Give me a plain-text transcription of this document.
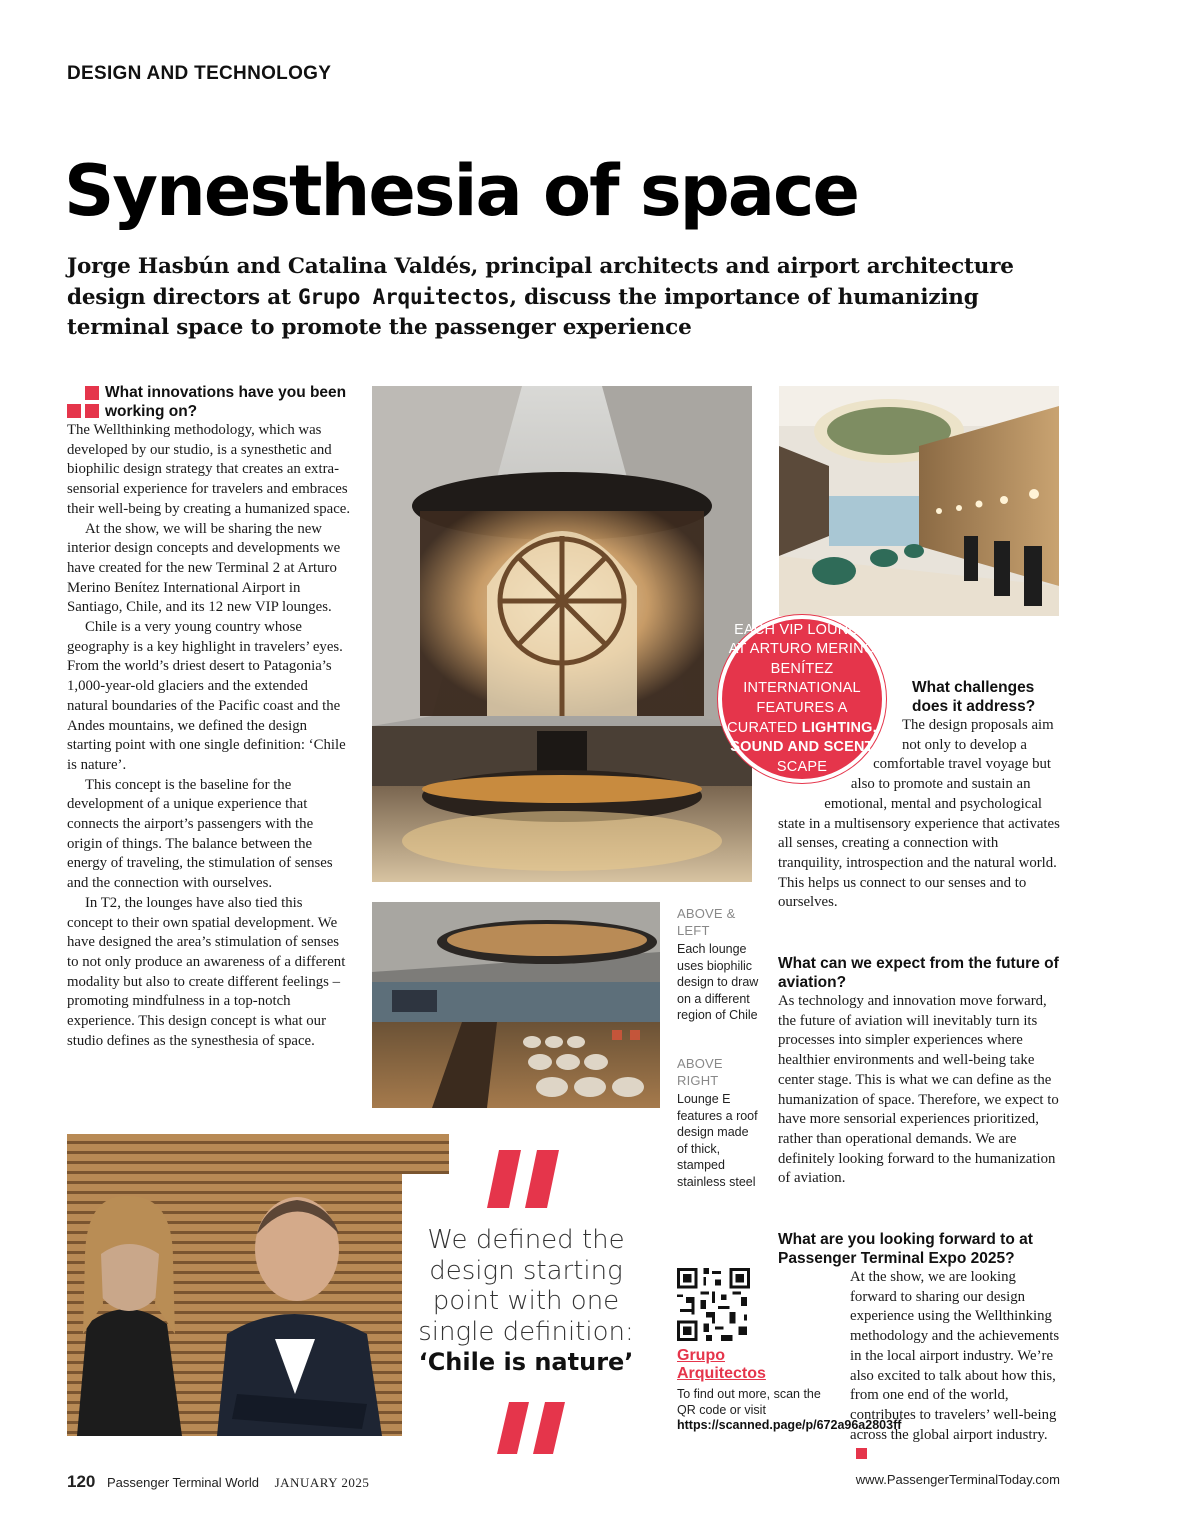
DESIGN AND TECHNOLOGY
Synesthesia of space
Jorge Hasbún and Catalina Valdés, principal architects and airport architecture design directors at Grupo Arquitectos, discuss the importance of humanizing terminal space to promote the passenger experience
What innovations have you been working on?

The Wellthinking methodology, which was developed by our studio, is a synesthetic and biophilic design strategy that creates an extra-sensorial experience for travelers and embraces their well-being by creating a humanized space.

At the show, we will be sharing the new interior design concepts and developments we have created for the new Terminal 2 at Arturo Merino Benítez International Airport in Santiago, Chile, and its 12 new VIP lounges.

Chile is a very young country whose geography is a key highlight in travelers’ eyes. From the world’s driest desert to Patagonia’s 1,000-year-old glaciers and the extended natural boundaries of the Pacific coast and the Andes mountains, we defined the design starting point with one single definition: ‘Chile is nature’.

This concept is the baseline for the development of a unique experience that connects the airport’s passengers with the origin of things. The balance between the energy of traveling, the stimulation of senses and the connection with ourselves.

In T2, the lounges have also tied this concept to their own spatial development. We have designed the area’s stimulation of senses to not only produce an awareness of a different modality but also to create different feelings – promoting mindfulness in a top-notch experience. This design concept is what our studio defines as the synesthesia of space.

ABOVE & LEFT
Each lounge uses biophilic design to draw on a different region of Chile
ABOVE RIGHT
Lounge E features a roof design made of thick, stamped stainless steel
EACH VIP LOUNGE AT ARTURO MERINO BENÍTEZ INTERNATIONAL FEATURES A CURATED LIGHTING, SOUND AND SCENT SCAPE
What challenges does it address?

The design proposals aim not only to develop a comfortable travel voyage but also to promote and sustain an emotional, mental and psychological state in a multisensory experience that activates all senses, creating a connection with tranquility, introspection and the natural world. This helps us connect to our senses and to ourselves.

What can we expect from the future of aviation?

As technology and innovation move forward, the future of aviation will inevitably turn its processes into simpler experiences where healthier environments and well-being take center stage. This is what we can define as the humanization of space. Therefore, we expect to have more sensorial experiences prioritized, rather than operational demands. We are definitely looking forward to the humanization of aviation.

What are you looking forward to at Passenger Terminal Expo 2025?

At the show, we are looking forward to sharing our design experience using the Wellthinking methodology and the achievements in the local airport industry. We’re also excited to talk about how this, from one end of the world, contributes to travelers’ well-being across the global airport industry.

We defined the design starting point with one single definition:
‘Chile is nature’	Grupo Arquitectos
To find out more, scan the QR code or visit
https://scanned.page/p/672a96a2803ff
120 Passenger Terminal World JANUARY 2025	www.PassengerTerminalToday.com
